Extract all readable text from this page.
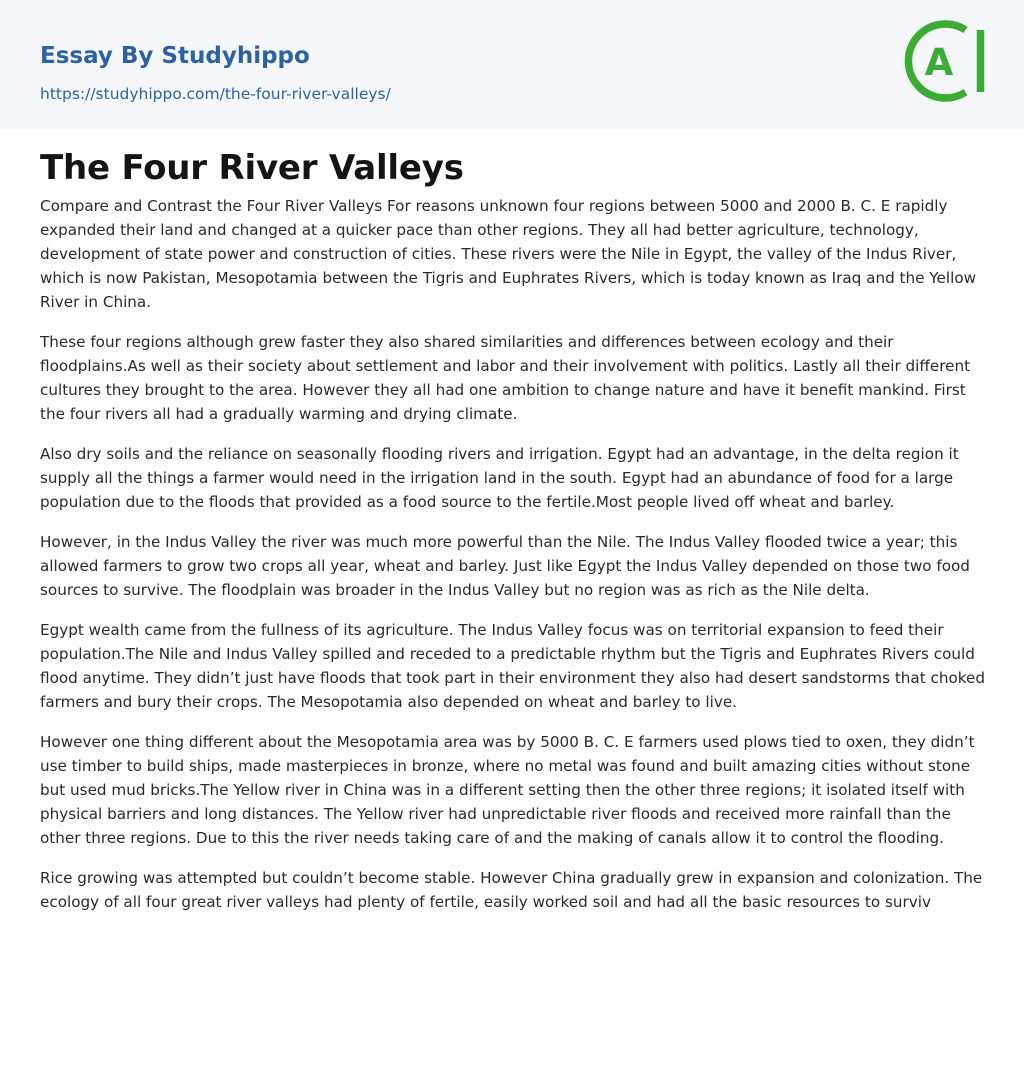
Essay By Studyhippo
https://studyhippo.com/the-four-river-valleys/
A
The Four River Valleys

Compare and Contrast the Four River Valleys For reasons unknown four regions between 5000 and 2000 B. C. E rapidly expanded their land and changed at a quicker pace than other regions. They all had better agriculture, technology, development of state power and construction of cities. These rivers were the Nile in Egypt, the valley of the Indus River, which is now Pakistan, Mesopotamia between the Tigris and Euphrates Rivers, which is today known as Iraq and the Yellow River in China.

These four regions although grew faster they also shared similarities and differences between ecology and their floodplains.As well as their society about settlement and labor and their involvement with politics. Lastly all their different cultures they brought to the area. However they all had one ambition to change nature and have it benefit mankind. First the four rivers all had a gradually warming and drying climate.

Also dry soils and the reliance on seasonally flooding rivers and irrigation. Egypt had an advantage, in the delta region it supply all the things a farmer would need in the irrigation land in the south. Egypt had an abundance of food for a large population due to the floods that provided as a food source to the fertile.Most people lived off wheat and barley.

However, in the Indus Valley the river was much more powerful than the Nile. The Indus Valley flooded twice a year; this allowed farmers to grow two crops all year, wheat and barley. Just like Egypt the Indus Valley depended on those two food sources to survive. The floodplain was broader in the Indus Valley but no region was as rich as the Nile delta.

Egypt wealth came from the fullness of its agriculture. The Indus Valley focus was on territorial expansion to feed their population.The Nile and Indus Valley spilled and receded to a predictable rhythm but the Tigris and Euphrates Rivers could flood anytime. They didn’t just have floods that took part in their environment they also had desert sandstorms that choked farmers and bury their crops. The Mesopotamia also depended on wheat and barley to live.

However one thing different about the Mesopotamia area was by 5000 B. C. E farmers used plows tied to oxen, they didn’t use timber to build ships, made masterpieces in bronze, where no metal was found and built amazing cities without stone but used mud bricks.The Yellow river in China was in a different setting then the other three regions; it isolated itself with physical barriers and long distances. The Yellow river had unpredictable river floods and received more rainfall than the other three regions. Due to this the river needs taking care of and the making of canals allow it to control the flooding.

Rice growing was attempted but couldn’t become stable. However China gradually grew in expansion and colonization. The ecology of all four great river valleys had plenty of fertile, easily worked soil and had all the basic resources to surviv
